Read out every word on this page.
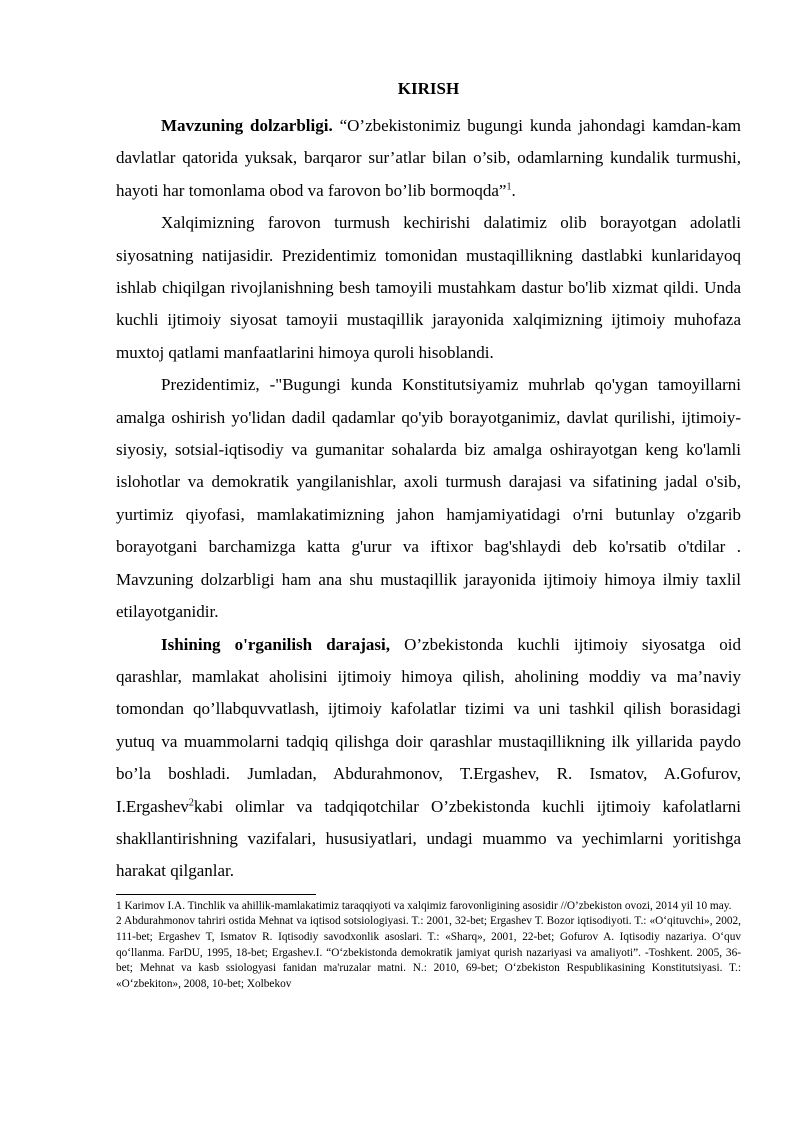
KIRISH

Mavzuning dolzarbligi. “O’zbekistonimiz bugungi kunda jahondagi kamdan-kam davlatlar qatorida yuksak, barqaror sur’atlar bilan o’sib, odamlarning kundalik turmushi, hayoti har tomonlama obod va farovon bo’lib bormoqda”$^1$.

Xalqimizning farovon turmush kechirishi dalatimiz olib borayotgan adolatli siyosatning natijasidir. Prezidentimiz tomonidan mustaqillikning dastlabki kunlaridayoq ishlab chiqilgan rivojlanishning besh tamoyili mustahkam dastur bo'lib xizmat qildi. Unda kuchli ijtimoiy siyosat tamoyii mustaqillik jarayonida xalqimizning ijtimoiy muhofaza muxtoj qatlami manfaatlarini himoya quroli hisoblandi.

Prezidentimiz, -"Bugungi kunda Konstitutsiyamiz muhrlab qo'ygan tamoyillarni amalga oshirish yo'lidan dadil qadamlar qo'yib borayotganimiz, davlat qurilishi, ijtimoiy-siyosiy, sotsial-iqtisodiy va gumanitar sohalarda biz amalga oshirayotgan keng ko'lamli islohotlar va demokratik yangilanishlar, axoli turmush darajasi va sifatining jadal o'sib, yurtimiz qiyofasi, mamlakatimizning jahon hamjamiyatidagi o'rni butunlay o'zgarib borayotgani barchamizga katta g'urur va iftixor bag'shlaydi deb ko'rsatib o'tdilar . Mavzuning dolzarbligi ham ana shu mustaqillik jarayonida ijtimoiy himoya ilmiy taxlil etilayotganidir.

Ishining o'rganilish darajasi, O’zbekistonda kuchli ijtimoiy siyosatga oid qarashlar, mamlakat aholisini ijtimoiy himoya qilish, aholining moddiy va ma’naviy tomondan qo’llabquvvatlash, ijtimoiy kafolatlar tizimi va uni tashkil qilish borasidagi yutuq va muammolarni tadqiq qilishga doir qarashlar mustaqillikning ilk yillarida paydo bo’la boshladi. Jumladan, Abdurahmonov, T.Ergashev, R. Ismatov, A.Gofurov, I.Ergashev$^2$kabi olimlar va tadqiqotchilar O’zbekistonda kuchli ijtimoiy kafolatlarni shakllantirishning vazifalari, hususiyatlari, undagi muammo va yechimlarni yoritishga harakat qilganlar.

1 Karimov I.A. Tinchlik va ahillik-mamlakatimiz taraqqiyoti va xalqimiz farovonligining asosidir //O’zbekiston ovozi, 2014 yil 10 may.

2 Abdurahmonov tahriri ostida Mehnat va iqtisod sotsiologiyasi. T.: 2001, 32-bet; Ergashev T. Bozor iqtisodiyoti. T.: «O‘qituvchi», 2002, 111-bet; Ergashev T, Ismatov R. Iqtisodiy savodxonlik asoslari. T.: «Sharq», 2001, 22-bet; Gofurov A. Iqtisodiy nazariya. O‘quv qo‘llanma. FarDU, 1995, 18-bet; Ergashev.I. “O‘zbekistonda demokratik jamiyat qurish nazariyasi va amaliyoti”. -Toshkent. 2005, 36-bet; Mehnat va kasb ssiologyasi fanidan ma'ruzalar matni. N.: 2010, 69-bet; O‘zbekiston Respublikasining Konstitutsiyasi. T.: «O‘zbekiton», 2008, 10-bet; Xolbekov
